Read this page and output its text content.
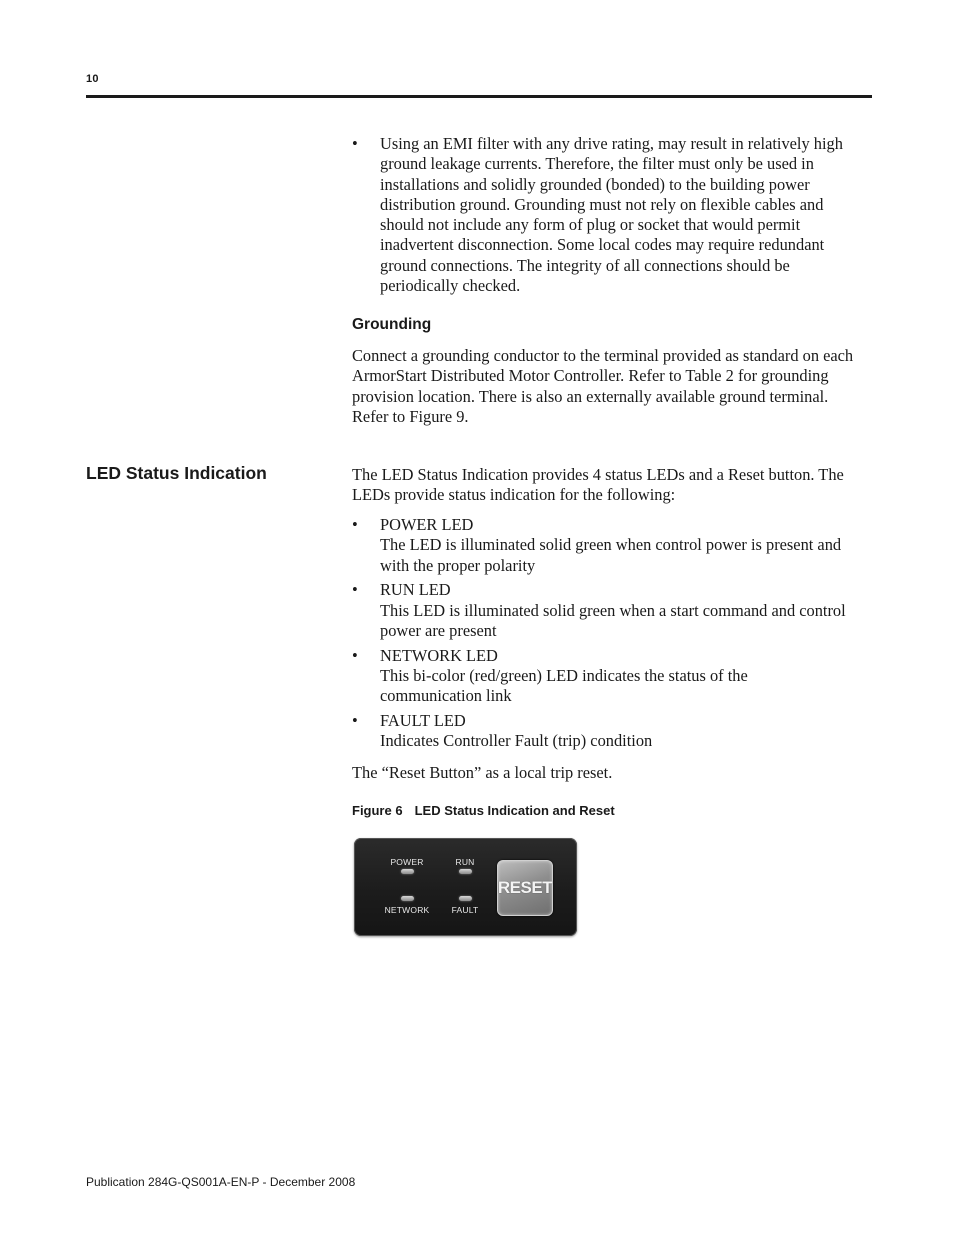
10
• Using an EMI filter with any drive rating, may result in relatively high
ground leakage currents. Therefore, the filter must only be used in
installations and solidly grounded (bonded) to the building power
distribution ground. Grounding must not rely on flexible cables and
should not include any form of plug or socket that would permit
inadvertent disconnection. Some local codes may require redundant
ground connections. The integrity of all connections should be
periodically checked.
Grounding
Connect a grounding conductor to the terminal provided as standard on each
ArmorStart Distributed Motor Controller. Refer to Table 2 for grounding
provision location. There is also an externally available ground terminal.
Refer to Figure 9.
LED Status Indication	The LED Status Indication provides 4 status LEDs and a Reset button. The
LEDs provide status indication for the following:
• POWER LED
The LED is illuminated solid green when control power is present and
with the proper polarity
• RUN LED
This LED is illuminated solid green when a start command and control
power are present
• NETWORK LED
This bi-color (red/green) LED indicates the status of the
communication link
• FAULT LED
Indicates Controller Fault (trip) condition
The “Reset Button” as a local trip reset.
Figure 6 LED Status Indication and Reset
POWER	RUN
NETWORK	FAULT
RESET
Publication 284G-QS001A-EN-P - December 2008
